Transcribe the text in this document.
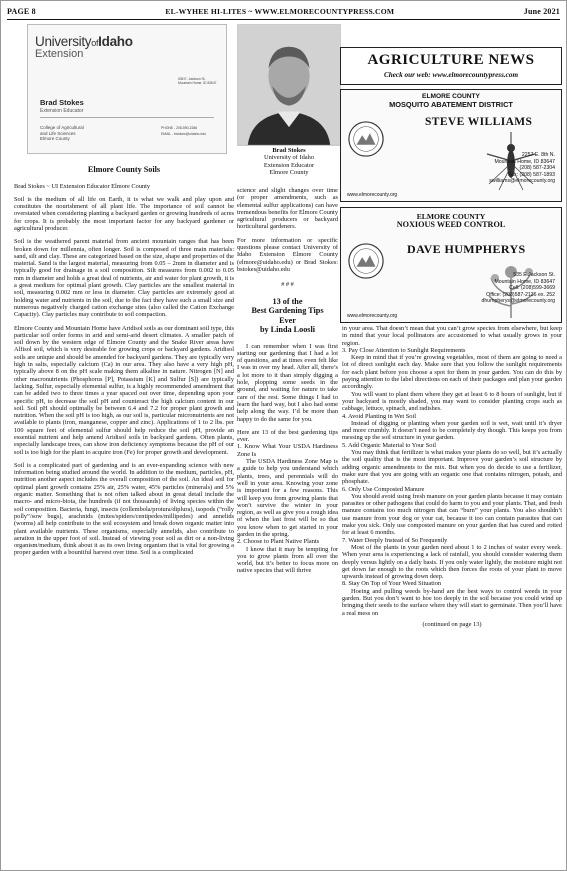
PAGE 8	EL-WYHEE HI-LITES ~ WWW.ELMORECOUNTYPRESS.COM	June 2021
UniversityofIdaho
Extension
535 E. Jackson St.
Mountain Home, ID 83647
Brad Stokes
Extension Educator
College of Agricultural
and Life Sciences
Elmore County
PHONE - 208-590-2286
EMAIL - bstokes@uidaho.edu
Brad Stokes
University of Idaho
Extension Educator
Elmore County
AGRICULTURE NEWS
Check our web: www.elmorecountypress.com
ELMORE COUNTY
MOSQUITO ABATEMENT DISTRICT
STEVE WILLIAMS
2257 E. 8th N.
Mountain Home, ID 83647
(208) 587-2304
Fax: (208) 587-1893
swilliams@elmorecounty.org
www.elmorecounty.org
ELMORE COUNTY
NOXIOUS WEED CONTROL
DAVE HUMPHERYS
535 E Jackson St.
Mountain Home, ID 83647
Cell: (208)599-3669
Office: (208)587-2136 ex. 252
dhumpherys@elmorecounty.org
www.elmorecounty.org

Elmore County Soils

Brad Stokes ~ UI Extension Educator Elmore County

Soil is the medium of all life on Earth, it is what we walk and play upon and constitutes the nourishment of all plant life. The importance of soil cannot be overstated when considering planting a backyard garden or growing hundreds of acres for crops. It is probably the most important factor for any backyard gardener or agricultural producer.

Soil is the weathered parent material from ancient mountain ranges that has been broken down for millennia, often longer. Soil is composed of three main materials: sand, silt and clay. These are categorized based on the size, shape and properties of the material. Sand is the largest material, measuring from 0.05 – 2mm in diameter and is typically good for drainage in a soil composition. Silt measures from 0.002 to 0.05 mm in diameter and holds a great deal of nutrients, air and water for plant growth, it is a great medium for optimal plant growth. Clay particles are the smallest material in soil, measuring 0.002 mm or less in diameter. Clay particles are extremely good at holding water and nutrients in the soil, due to the fact they have such a small size and numerous negatively charged cation exchange sites (also called the Cation Exchange Capacity). Clay particles may contribute to soil compaction.

Elmore County and Mountain Home have Aridisol soils as our dominant soil type, this particular soil order forms in arid and semi-arid desert climates. A smaller patch of soil down by the western edge of Elmore County and the Snake River areas have Alfisol soil, which is very desirable for growing crops or backyard gardens. Aridisol soils are unique and should be amended for backyard gardens. They are typically very high in salts, especially calcium (Ca) in our area. They also have a very high pH, typically above 8 on the pH scale making them alkaline in nature. Nitrogen [N] and other macronutrients (Phosphorus [P], Potassium [K] and Sulfur [S]) are typically lacking. Sulfur, especially elemental sulfur, is a highly recommended amendment that can be added two to three times a year spaced out over time, depending upon your specific pH, to decrease the soil pH and counteract the high calcium content in our soil. Soil pH should optimally be between 6.4 and 7.2 for proper plant growth and nutrition. When the soil pH is too high, as our soil is, particular micronutrients are not available to plants (iron, manganese, copper and zinc). Applications of 1 to 2 lbs. per 100 square feet of elemental sulfur should help reduce the soil pH, provide an essential nutrient and help amend Aridisol soils in backyard gardens. Often plants, especially landscape trees, can show iron deficiency symptoms because the pH of our soil is too high for the plant to acquire iron (Fe) for proper growth and development.

Soil is a complicated part of gardening and is an ever-expanding science with new information being studied around the world. In addition to the medium, particles, pH, nutrition another aspect includes the overall composition of the soil. An ideal soil for optimal plant growth contains 25% air, 25% water, 45% particles (minerals) and 5% organic matter. Something that is not often talked about in great detail include the macro- and micro-biota, the hundreds (if not thousands) of living species within the soil composition. Bacteria, fungi, insects (collembola/protura/diplura), isopods (“rolly polly”/sow bugs), arachnids (mites/spiders/centipedes/millipedes) and annelids (worms) all help contribute to the soil ecosystem and break down organic matter into plant available nutrients. These organisms, especially annelids, also contribute to aeration in the upper foot of soil. Instead of viewing your soil as dirt or a non-living organism/medium, think about it as its own living organism that is vital for growing a proper garden with a bountiful harvest over time. Soil is a complicated

science and slight changes over time (or proper amendments, such as elemental sulfur applications) can have tremendous benefits for Elmore County agricultural producers or backyard horticultural gardeners.

For more information or specific questions please contact University of Idaho Extension Elmore County (elmore@uidaho.edu) or Brad Stokes: bstokes@uidaho.edu

# # #

13 of the
Best Gardening Tips
Ever
by Linda Loosli

I can remember when I was first starting our gardening that I had a lot of questions, and at times even felt like I was in over my head. After all, there’s a lot more to it than simply digging a hole, plopping some seeds in the ground, and waiting for nature to take care of the rest. Some things I had to learn the hard way, but I also had some help along the way. I’d be more than happy to do the same for you.

Here are 13 of the best gardening tips ever.

1. Know What Your USDA Hardiness Zone Is

The USDA Hardiness Zone Map is a guide to help you understand which plants, trees, and perennials will do well in your area. Knowing your zone is important for a few reasons. This will keep you from growing plants that won’t survive the winter in your region, as well as give you a rough idea of when the last frost will be so that you know when to get started in your garden in the spring.

2. Choose to Plant Native Plants

I know that it may be tempting for you to grow plants from all over the world, but it’s better to focus more on native species that will thrive

in your area. That doesn’t mean that you can’t grow species from elsewhere, but keep in mind that your local pollinators are accustomed to what usually grows in your region.

3. Pay Close Attention to Sunlight Requirements

Keep in mind that if you’re growing vegetables, most of them are going to need a lot of direct sunlight each day. Make sure that you follow the sunlight requirements for each plant before you choose a spot for them in your garden. You can do this by paying attention to the label directions on each of their packages and plan your garden accordingly.

You will want to plant them where they get at least 6 to 8 hours of sunlight, but if your backyard is mostly shaded, you may want to consider planting crops such as cabbage, lettuce, spinach, and radishes.

4. Avoid Planting in Wet Soil

Instead of digging or planting when your garden soil is wet, wait until it’s dryer and more crumbly. It doesn’t need to be completely dry though. This keeps you from messing up the soil structure in your garden.

5. Add Organic Material to Your Soil

You may think that fertilizer is what makes your plants do so well, but it’s actually the soil quality that is the most important. Improve your garden’s soil structure by adding organic amendments to the mix. But when you do decide to use a fertilizer, make sure that you are going with an organic one that contains nitrogen, potash, and phosphate.

6. Only Use Composted Manure

You should avoid using fresh manure on your garden plants because it may contain parasites or other pathogens that could do harm to you and your plants. That, and fresh manure contains too much nitrogen that can “burn” your plants. You also shouldn’t use manure from your dog or your cat, because it too can contain parasites that can make you sick. Only use composted manure on your garden that has cured and rotted for at least 6 months.

7. Water Deeply Instead of So Frequently

Most of the plants in your garden need about 1 to 2 inches of water every week. When your area is experiencing a lack of rainfall, you should consider watering them deeply versus lightly on a daily basis. If you only water lightly, the moisture might not get down far enough to the roots which then forces the roots of your plant to move upwards instead of growing down deep.

8. Stay On Top of Your Weed Situation

Hoeing and pulling weeds by-hand are the best ways to control weeds in your garden. But you don’t want to hoe too deeply in the soil because you could wind up bringing their seeds to the surface where they will start to germinate. Then you’ll have a real mess on

(continued on page 13)
